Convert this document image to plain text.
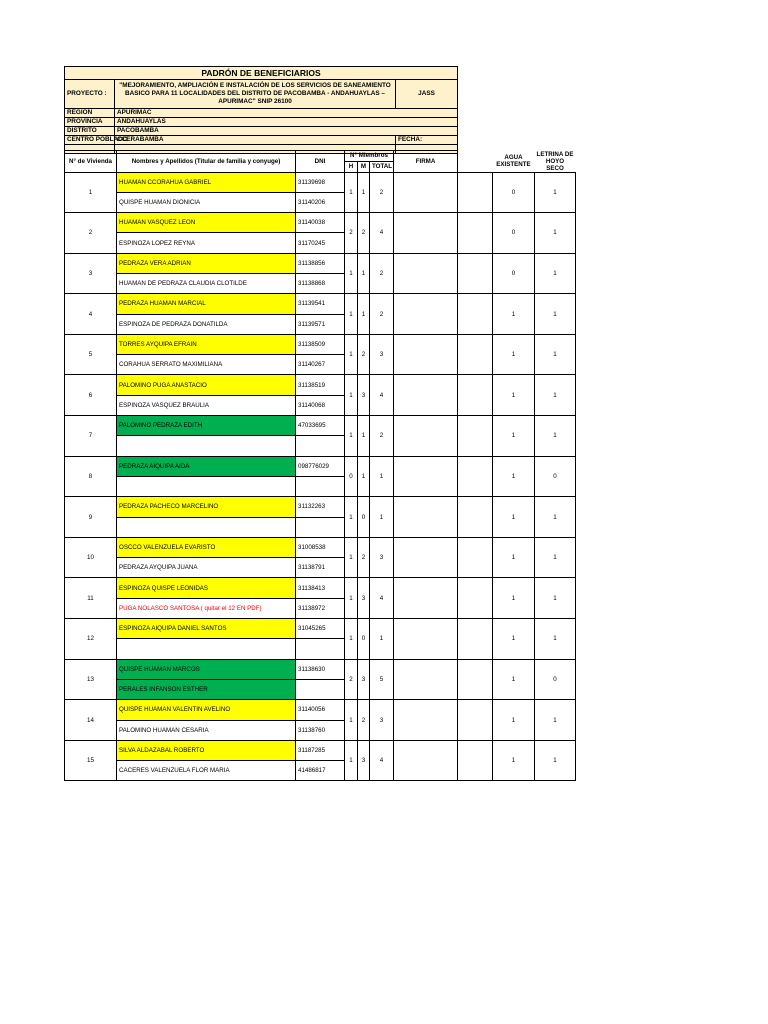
PADRÓN DE BENEFICIARIOS		
PROYECTO :	"MEJORAMIENTO, AMPLIACIÓN E INSTALACIÓN DE LOS SERVICIOS DE SANEAMIENTO BASICO PARA 11 LOCALIDADES DEL DISTRITO DE PACOBAMBA - ANDAHUAYLAS – APURIMAC" SNIP 26100	JASS
REGION	APURIMAC	
PROVINCIA	ANDAHUAYLAS	
DISTRITO	PACOBAMBA	
CENTRO POBLADO	CCERABAMBA	FECHA:

N° de Vivienda	Nombres y Apellidos (Titular de familia y conyuge)	DNI	N° Miembros			FIRMA		AGUA EXISTENTE	LETRINA DE HOYO SECO
			H	M	TOTAL				
1	HUAMAN CCORAHUA GABRIEL	31139698	1	1	2			0	1
	QUISPE HUAMAN DIONICIA	31140206							
2	HUAMAN VASQUEZ LEON	31140038	2	2	4			0	1
	ESPINOZA LOPEZ REYNA	31170245							
3	PEDRAZA VERA ADRIAN	31138856	1	1	2			0	1
	HUAMAN DE PEDRAZA CLAUDIA CLOTILDE	31138868							
4	PEDRAZA HUAMAN MARCIAL	31139541	1	1	2			1	1
	ESPINOZA DE PEDRAZA DONATILDA	31139571							
5	TORRES AYQUIPA EFRAIN	31138509	1	2	3			1	1
	CORAHUA SERRATO MAXIMILIANA	31140267							
6	PALOMINO PUGA ANASTACIO	31138519	1	3	4			1	1
	ESPINOZA VASQUEZ BRAULIA	31140068							
7	PALOMINO PEDRAZA EDITH	47033695	1	1	2			1	1

8	PEDRAZA AIQUIPA AIDA	098776029	0	1	1			1	0

9	PEDRAZA PACHECO MARCELINO	31132263	1	0	1			1	1

10	OSCCO VALENZUELA EVARISTO	31008538	1	2	3			1	1
	PEDRAZA AYQUIPA JUANA	31138791							
11	ESPINOZA QUISPE LEONIDAS	31138413	1	3	4			1	1
	PUGA NOLASCO SANTOSA ( quitar el 12 EN PDF)	31138972							
12	ESPINOZA AIQUIPA DANIEL SANTOS	31045265	1	0	1			1	1

13	QUISPE HUAMAN MARCOS	31138630	2	3	5			1	0
	PERALES INFANSON ESTHER								
14	QUISPE HUAMAN VALENTIN AVELINO	31140056	1	2	3			1	1
	PALOMINO HUAMAN CESARIA	31138760							
15	SILVA ALDAZABAL ROBERTO	31187285	1	3	4			1	1
	CACERES VALENZUELA FLOR MARIA	41486817							
